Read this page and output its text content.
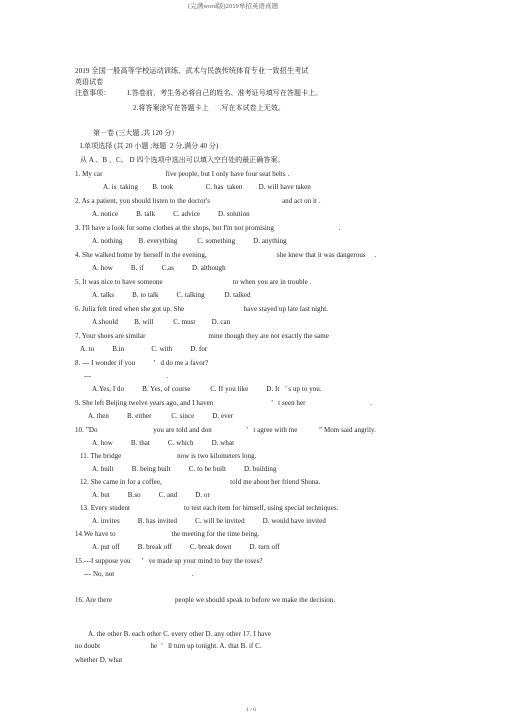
(完满word版)2019单招英语真题
2019 全国一般高等学校运动训练、武术与民族传统体育专业一致招生考试
英语试卷
注意事项：         1.答卷前，考生务必将自己的姓名、准考证号填写在答题卡上。
2.将答案涂写在答题卡上      .写在本试卷上无效。
第一卷 (三大题 ,共 120 分）
I.单项选择 (共 20 小题 ;每题  2 分,满分 40 分)
从 A 、B 、C、 D 四个选项中选出可以填入空白处的最正确答案。
1. My car                                   five people, but I only have four seat belts .
A. is  taking        B. took                  C. has  taken         D. will have taken
2. As a patient, you should listen to the doctor's                                        and act on it .
A. notice          B. talk          C. advice          D. solution
3. I'll have a look for some clothes at the shops, but I'm not promising                                    .
A. nothing         B. everything           C. something          D. anything
4. She walked home by herself in the evening,                                       she knew that it was dangerous     .
A. how          B. if          C.as          D. although
5. It was nice to have someone                                       to when you are in trouble .
A. talks          B. to talk          C. talking           D. talked
6. Julia felt tired when she got up. She                                 have stayed up late last night.
A.should         B. will           C. must         D. can
7. Your shoes are similar                                   mine though they are not exactly the same
A. to          B.in               C. with          D. for
8. --- I wonder if you          ’   d do me a favor?
---                                          .
A.Yes, I do          B. Yes, of course           C. If you like          D. It   ’ s up to you.
9. She left Beijing twelve years ago, and I haven                                ’   t seen her                                    .
A. then          B. either           C. since          D. ever
10. ”Do                               you are told and don                   ’   t agree with me            ” Mom said angrily.
A. how          B. that          C. which          D. what
11. The bridge                               now is two kilometers long.
A. built          B. being built          C. to be built          D. building
12. She came in for a coffee,                                      told me about her friend Shona.
A. but          B.so          C. and          D. or
13. Every student                              to test each item for himself, using special techniques.
A. invites          B. has invited          C. will be invited          D. would have invited
14.We have to                               the meeting for the time being.
A. put off          B. break off          C. break down          D. turn off
15.---I suppose you      ’   ve made up your mind to buy the roses?
--- No, not                                           .
16. Are there                                   people we should speak to before we make the decision.
A. the other B. each other C. every other D. any other 17. I have
no doubt                            he  ’   ll turn up tonight. A. that B. if C.
whether D. what
1 / 6
